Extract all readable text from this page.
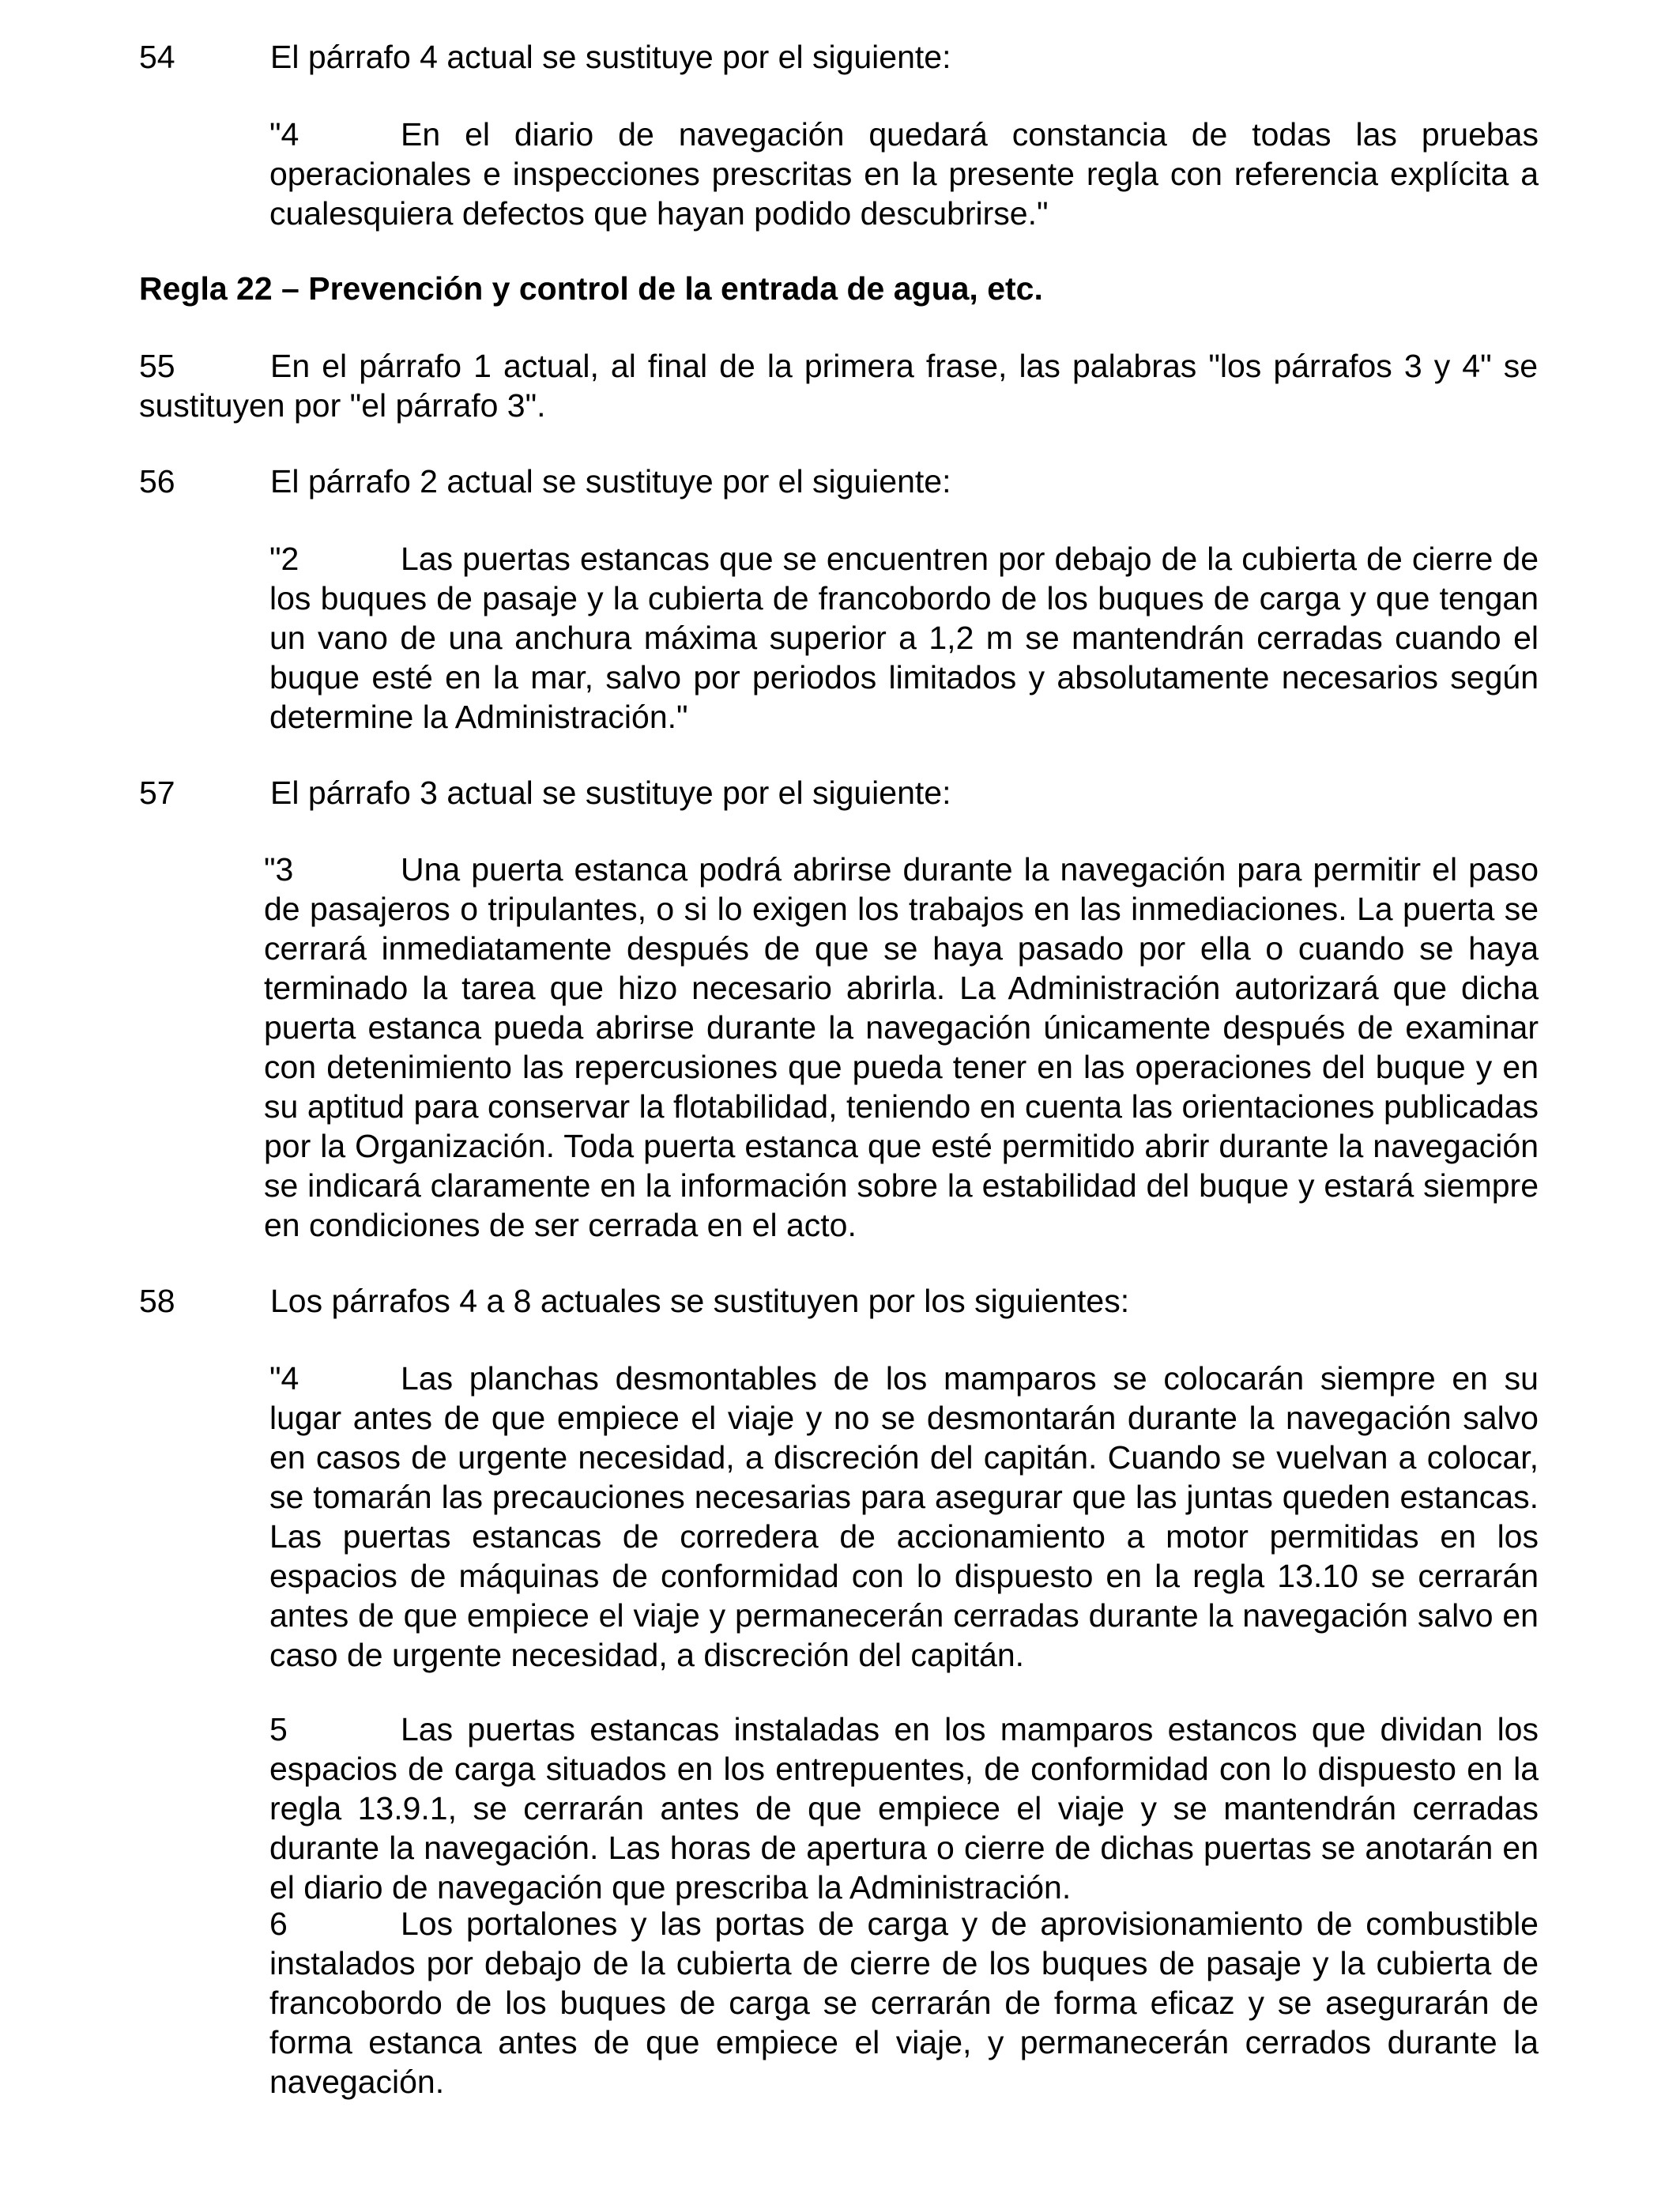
54	El párrafo 4 actual se sustituye por el siguiente:

"4	En el diario de navegación quedará constancia de todas las pruebas operacionales e inspecciones prescritas en la presente regla con referencia explícita a cualesquiera defectos que hayan podido descubrirse."

Regla 22 – Prevención y control de la entrada de agua, etc.

55	En el párrafo 1 actual, al final de la primera frase, las palabras "los párrafos 3 y 4" se sustituyen por "el párrafo 3".

56	El párrafo 2 actual se sustituye por el siguiente:

"2	Las puertas estancas que se encuentren por debajo de la cubierta de cierre de los buques de pasaje y la cubierta de francobordo de los buques de carga y que tengan un vano de una anchura máxima superior a 1,2 m se mantendrán cerradas cuando el buque esté en la mar, salvo por periodos limitados y absolutamente necesarios según determine la Administración."

57	El párrafo 3 actual se sustituye por el siguiente:

"3	Una puerta estanca podrá abrirse durante la navegación para permitir el paso de pasajeros o tripulantes, o si lo exigen los trabajos en las inmediaciones. La puerta se cerrará inmediatamente después de que se haya pasado por ella o cuando se haya terminado la tarea que hizo necesario abrirla. La Administración autorizará que dicha puerta estanca pueda abrirse durante la navegación únicamente después de examinar con detenimiento las repercusiones que pueda tener en las operaciones del buque y en su aptitud para conservar la flotabilidad, teniendo en cuenta las orientaciones publicadas por la Organización. Toda puerta estanca que esté permitido abrir durante la navegación se indicará claramente en la información sobre la estabilidad del buque y estará siempre en condiciones de ser cerrada en el acto.

58	Los párrafos 4 a 8 actuales se sustituyen por los siguientes:

"4	Las planchas desmontables de los mamparos se colocarán siempre en su lugar antes de que empiece el viaje y no se desmontarán durante la navegación salvo en casos de urgente necesidad, a discreción del capitán. Cuando se vuelvan a colocar, se tomarán las precauciones necesarias para asegurar que las juntas queden estancas. Las puertas estancas de corredera de accionamiento a motor permitidas en los espacios de máquinas de conformidad con lo dispuesto en la regla 13.10 se cerrarán antes de que empiece el viaje y permanecerán cerradas durante la navegación salvo en caso de urgente necesidad, a discreción del capitán.

5	Las puertas estancas instaladas en los mamparos estancos que dividan los espacios de carga situados en los entrepuentes, de conformidad con lo dispuesto en la regla 13.9.1, se cerrarán antes de que empiece el viaje y se mantendrán cerradas durante la navegación. Las horas de apertura o cierre de dichas puertas se anotarán en el diario de navegación que prescriba la Administración.

6	Los portalones y las portas de carga y de aprovisionamiento de combustible instalados por debajo de la cubierta de cierre de los buques de pasaje y la cubierta de francobordo de los buques de carga se cerrarán de forma eficaz y se asegurarán de forma estanca antes de que empiece el viaje, y permanecerán cerrados durante la navegación.
